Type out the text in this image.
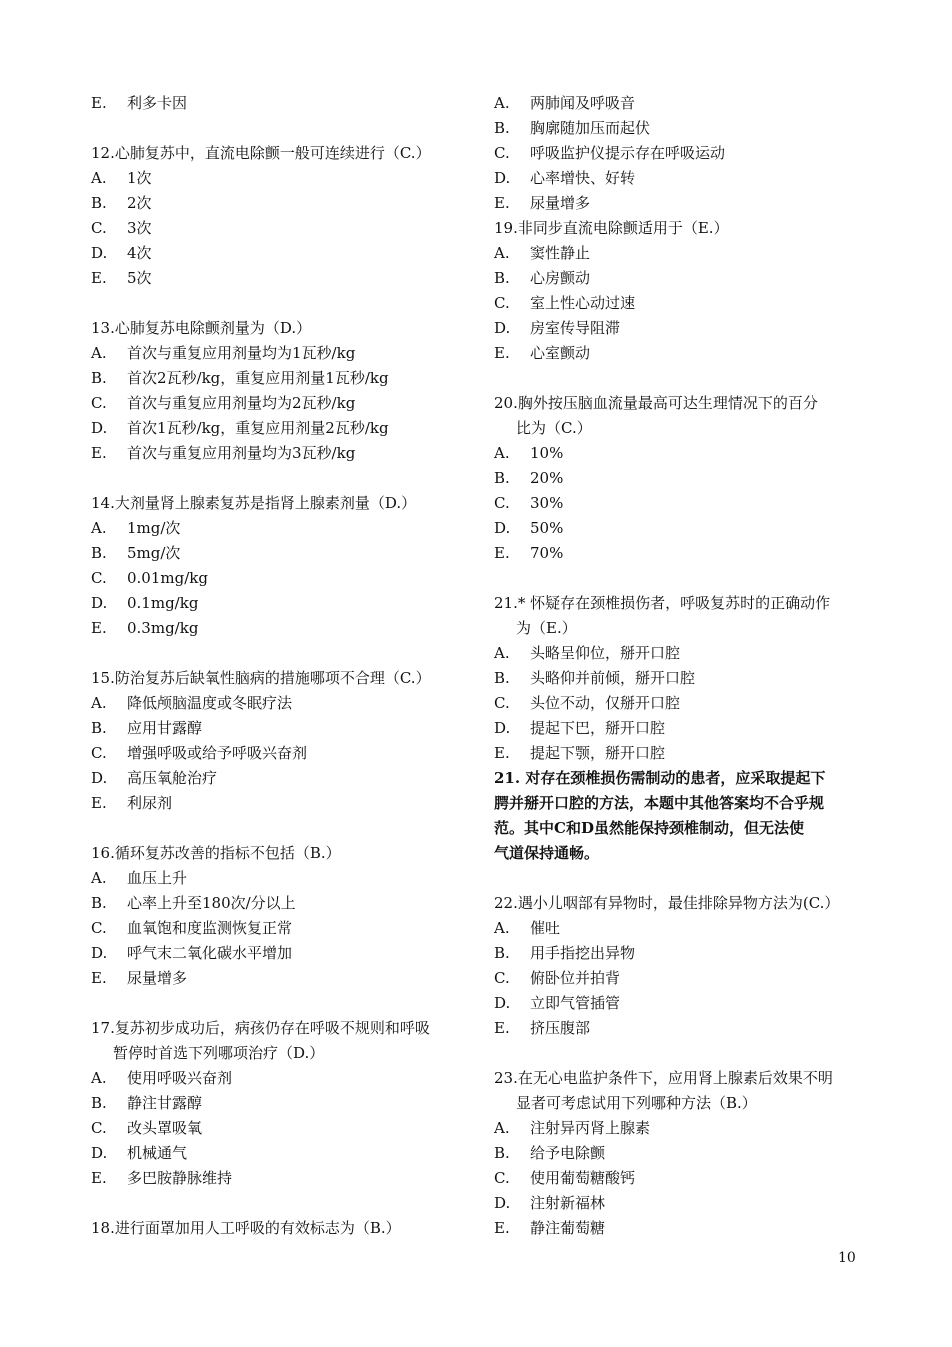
E.	利多卡因
12.心肺复苏中，直流电除颤一般可连续进行（C.）
A.	1次
B.	2次
C.	3次
D.	4次
E.	5次
13.心肺复苏电除颤剂量为（D.）
A.	首次与重复应用剂量均为1瓦秒/kg
B.	首次2瓦秒/kg，重复应用剂量1瓦秒/kg
C.	首次与重复应用剂量均为2瓦秒/kg
D.	首次1瓦秒/kg，重复应用剂量2瓦秒/kg
E.	首次与重复应用剂量均为3瓦秒/kg
14.大剂量肾上腺素复苏是指肾上腺素剂量（D.）
A.	1mg/次
B.	5mg/次
C.	0.01mg/kg
D.	0.1mg/kg
E.	0.3mg/kg
15.防治复苏后缺氧性脑病的措施哪项不合理（C.）
A.	降低颅脑温度或冬眠疗法
B.	应用甘露醇
C.	增强呼吸或给予呼吸兴奋剂
D.	高压氧舱治疗
E.	利尿剂
16.循环复苏改善的指标不包括（B.）
A.	血压上升
B.	心率上升至180次/分以上
C.	血氧饱和度监测恢复正常
D.	呼气末二氧化碳水平增加
E.	尿量增多
17.复苏初步成功后，病孩仍存在呼吸不规则和呼吸
暂停时首选下列哪项治疗（D.）
A.	使用呼吸兴奋剂
B.	静注甘露醇
C.	改头罩吸氧
D.	机械通气
E.	多巴胺静脉维持
18.进行面罩加用人工呼吸的有效标志为（B.）
A.	两肺闻及呼吸音
B.	胸廓随加压而起伏
C.	呼吸监护仪提示存在呼吸运动
D.	心率增快、好转
E.	尿量增多
19.非同步直流电除颤适用于（E.）
A.	窦性静止
B.	心房颤动
C.	室上性心动过速
D.	房室传导阻滞
E.	心室颤动
20.胸外按压脑血流量最高可达生理情况下的百分
比为（C.）
A.	10%
B.	20%
C.	30%
D.	50%
E.	70%
21.* 怀疑存在颈椎损伤者，呼吸复苏时的正确动作
为（E.）
A.	头略呈仰位，掰开口腔
B.	头略仰并前倾，掰开口腔
C.	头位不动，仅掰开口腔
D.	提起下巴，掰开口腔
E.	提起下颚，掰开口腔
21. 对存在颈椎损伤需制动的患者，应采取提起下
腭并掰开口腔的方法，本题中其他答案均不合乎规
范。其中C和D虽然能保持颈椎制动，但无法使
气道保持通畅。
22.遇小儿咽部有异物时，最佳排除异物方法为(C.）
A.	催吐
B.	用手指挖出异物
C.	俯卧位并拍背
D.	立即气管插管
E.	挤压腹部
23.在无心电监护条件下，应用肾上腺素后效果不明
显者可考虑试用下列哪种方法（B.）
A.	注射异丙肾上腺素
B.	给予电除颤
C.	使用葡萄糖酸钙
D.	注射新福林
E.	静注葡萄糖
10
